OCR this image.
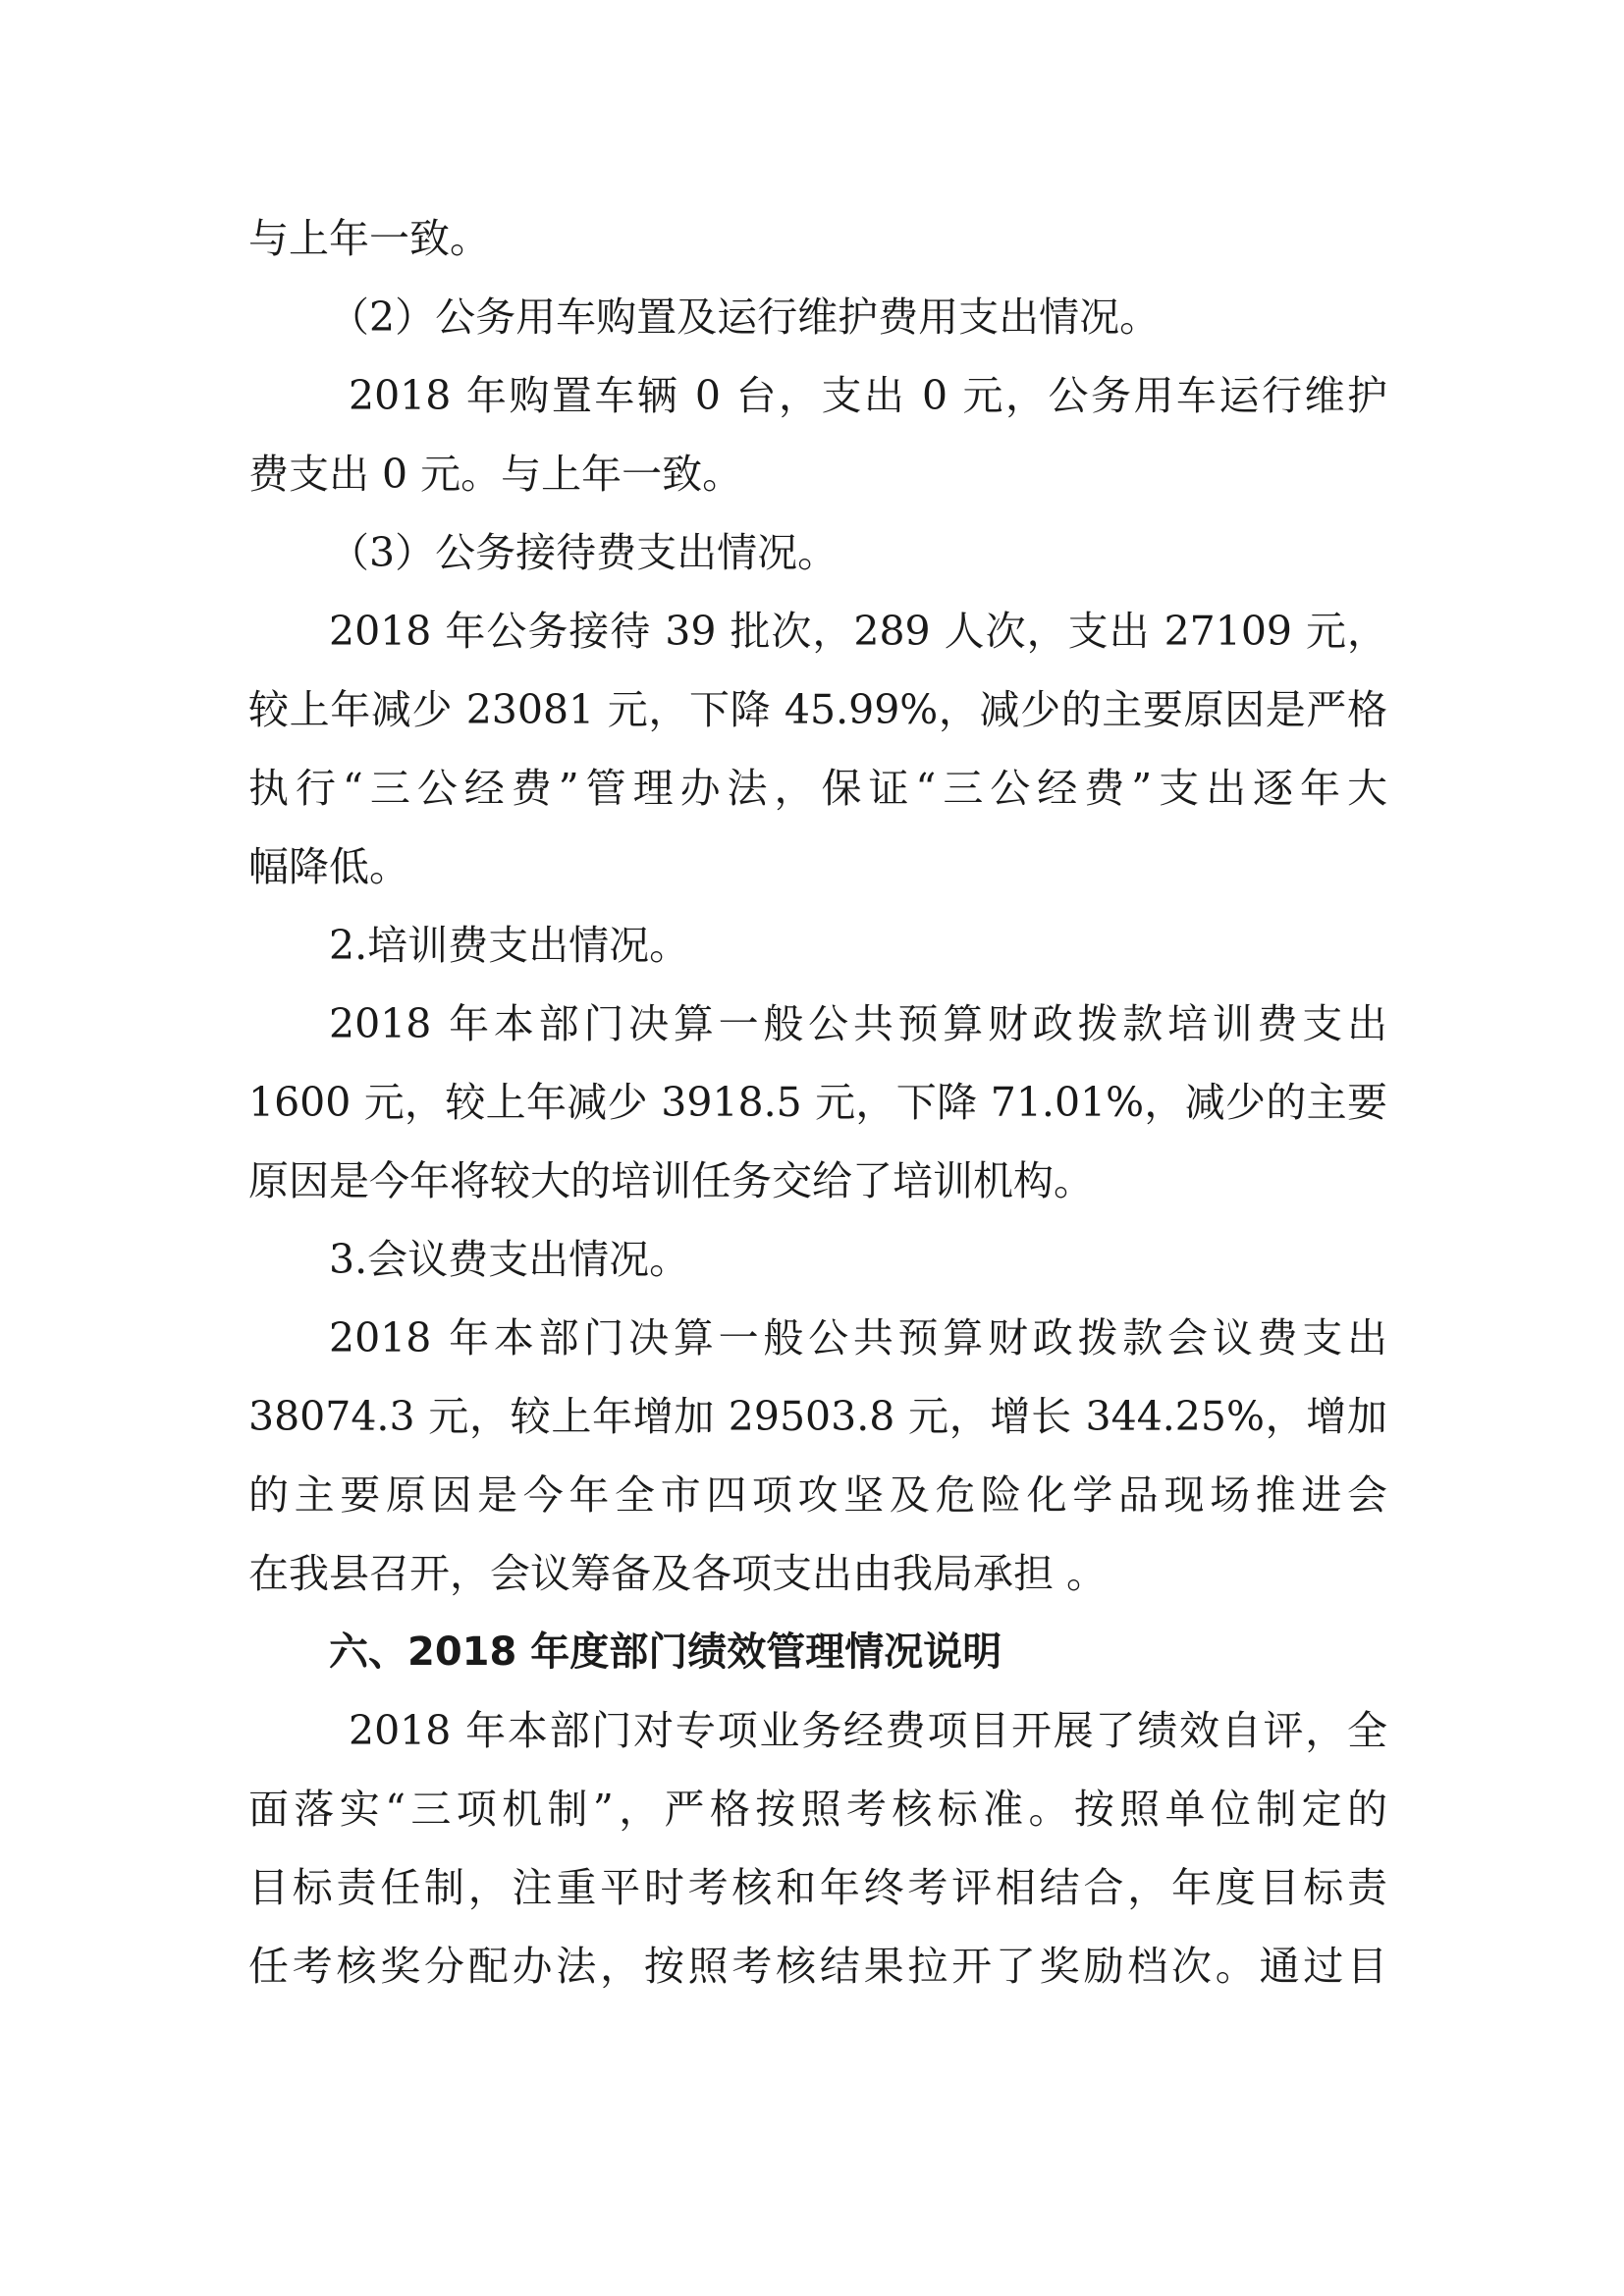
与上年一致。
（2）公务用车购置及运行维护费用支出情况。
2018 年购置车辆 0 台，支出 0 元，公务用车运行维护
费支出 0 元。与上年一致。
（3）公务接待费支出情况。
2018 年公务接待 39 批次，289 人次，支出 27109 元，
较上年减少 23081 元，下降 45.99%，减少的主要原因是严格
执行“三公经费”管理办法，保证“三公经费”支出逐年大
幅降低。
2.培训费支出情况。
2018 年本部门决算一般公共预算财政拨款培训费支出
1600 元，较上年减少 3918.5 元，下降 71.01%，减少的主要
原因是今年将较大的培训任务交给了培训机构。
3.会议费支出情况。
2018 年本部门决算一般公共预算财政拨款会议费支出
38074.3 元，较上年增加 29503.8 元，增长 344.25%，增加
的主要原因是今年全市四项攻坚及危险化学品现场推进会
在我县召开，会议筹备及各项支出由我局承担 。
六、2018 年度部门绩效管理情况说明
2018 年本部门对专项业务经费项目开展了绩效自评，全
面落实“三项机制”，严格按照考核标准。按照单位制定的
目标责任制，注重平时考核和年终考评相结合，年度目标责
任考核奖分配办法，按照考核结果拉开了奖励档次。通过目
